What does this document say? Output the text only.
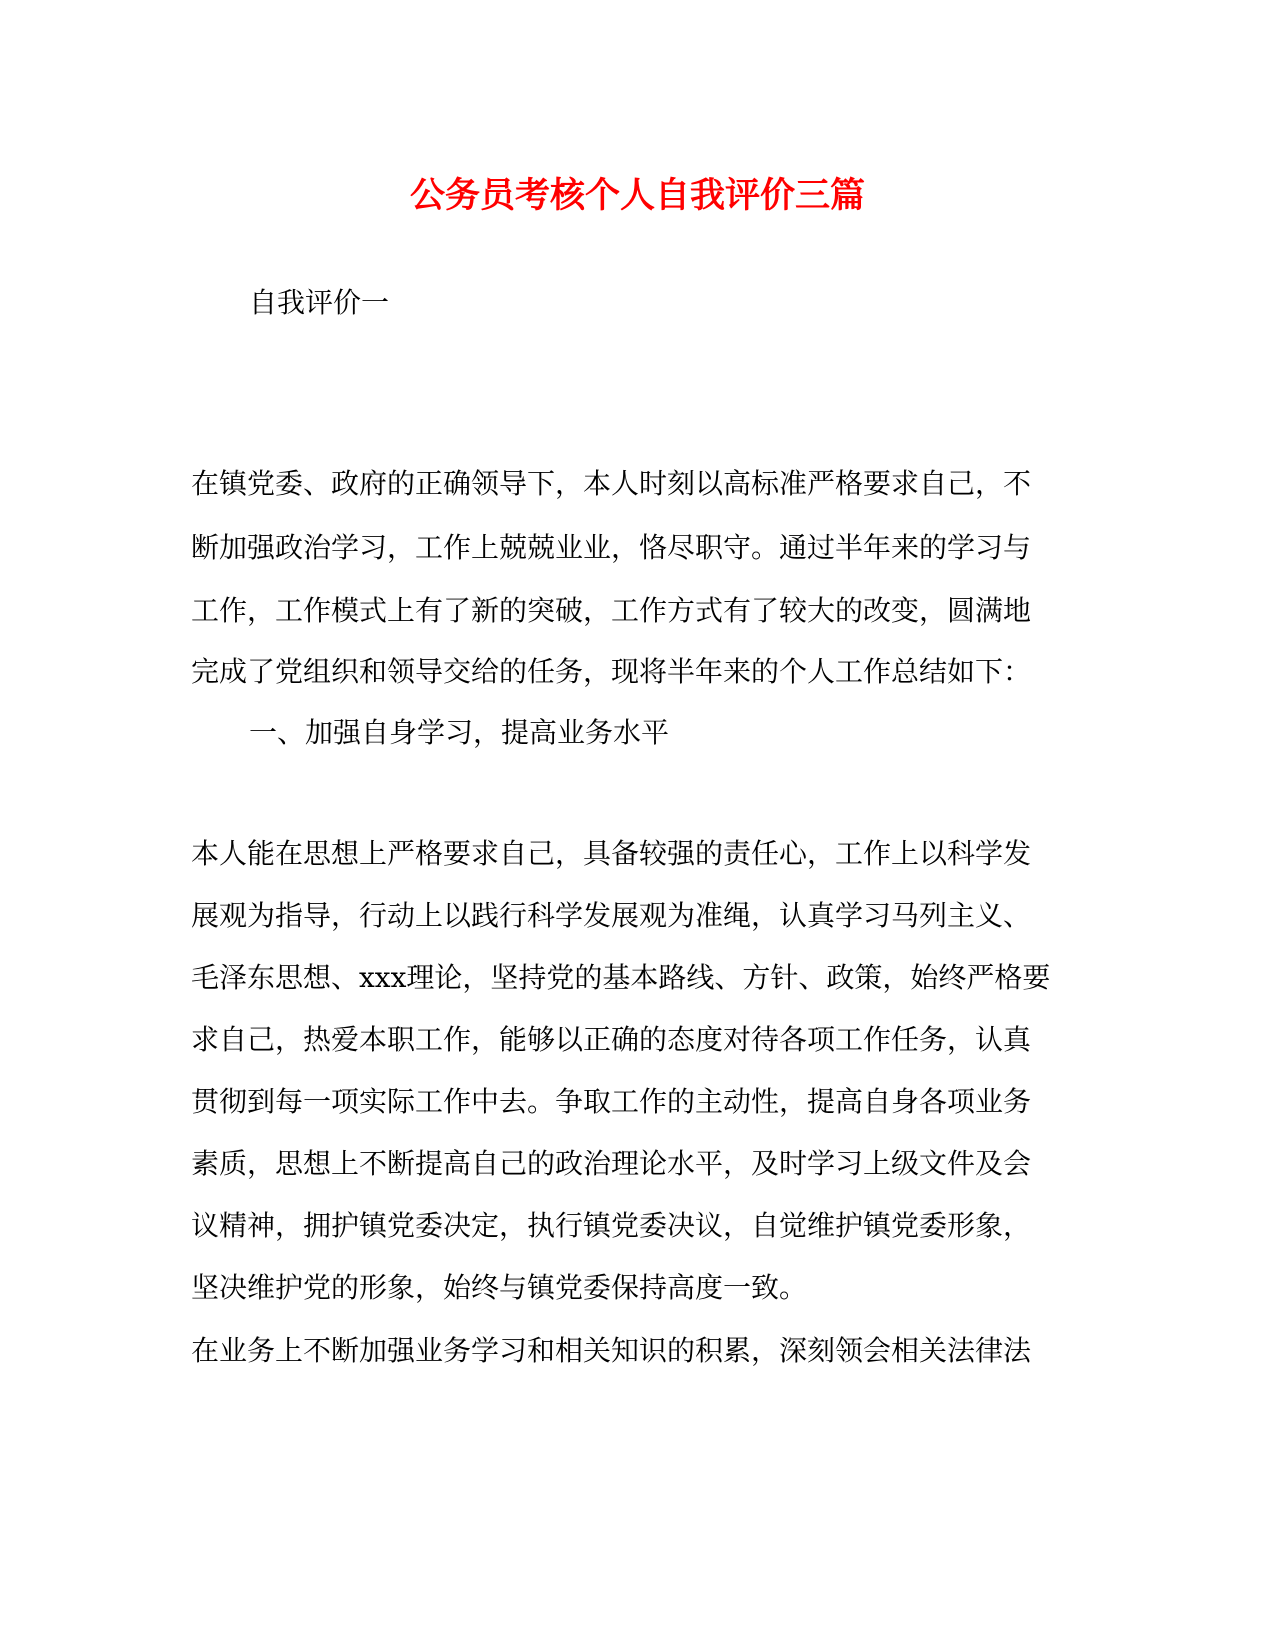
公务员考核个人自我评价三篇
自我评价一
在镇党委、政府的正确领导下，本人时刻以高标准严格要求自己，不
断加强政治学习，工作上兢兢业业，恪尽职守。通过半年来的学习与
工作，工作模式上有了新的突破，工作方式有了较大的改变，圆满地
完成了党组织和领导交给的任务，现将半年来的个人工作总结如下：
一、加强自身学习，提高业务水平
本人能在思想上严格要求自己，具备较强的责任心，工作上以科学发
展观为指导，行动上以践行科学发展观为准绳，认真学习马列主义、
毛泽东思想、xxx理论，坚持党的基本路线、方针、政策，始终严格要
求自己，热爱本职工作，能够以正确的态度对待各项工作任务，认真
贯彻到每一项实际工作中去。争取工作的主动性，提高自身各项业务
素质，思想上不断提高自己的政治理论水平，及时学习上级文件及会
议精神，拥护镇党委决定，执行镇党委决议，自觉维护镇党委形象，
坚决维护党的形象，始终与镇党委保持高度一致。
在业务上不断加强业务学习和相关知识的积累，深刻领会相关法律法
